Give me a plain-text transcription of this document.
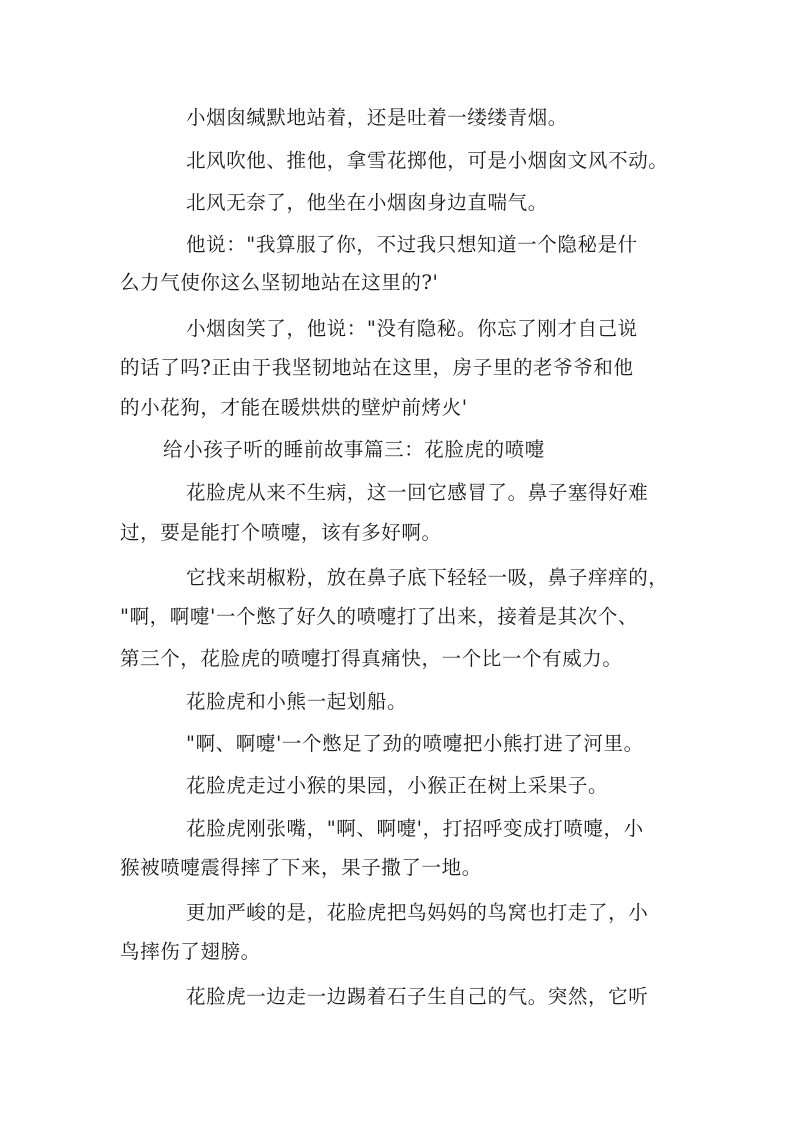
小烟囱缄默地站着，还是吐着一缕缕青烟。
北风吹他、推他，拿雪花掷他，可是小烟囱文风不动。
北风无奈了，他坐在小烟囱身边直喘气。
他说："我算服了你，不过我只想知道一个隐秘是什
么力气使你这么坚韧地站在这里的?'
小烟囱笑了，他说："没有隐秘。你忘了刚才自己说
的话了吗?正由于我坚韧地站在这里，房子里的老爷爷和他
的小花狗，才能在暖烘烘的壁炉前烤火'
给小孩子听的睡前故事篇三：花脸虎的喷嚏
花脸虎从来不生病，这一回它感冒了。鼻子塞得好难
过，要是能打个喷嚏，该有多好啊。
它找来胡椒粉，放在鼻子底下轻轻一吸，鼻子痒痒的，
"啊，啊嚏'一个憋了好久的喷嚏打了出来，接着是其次个、
第三个，花脸虎的喷嚏打得真痛快，一个比一个有威力。
花脸虎和小熊一起划船。
"啊、啊嚏'一个憋足了劲的喷嚏把小熊打进了河里。
花脸虎走过小猴的果园，小猴正在树上采果子。
花脸虎刚张嘴，"啊、啊嚏'，打招呼变成打喷嚏，小
猴被喷嚏震得摔了下来，果子撒了一地。
更加严峻的是，花脸虎把鸟妈妈的鸟窝也打走了，小
鸟摔伤了翅膀。
花脸虎一边走一边踢着石子生自己的气。突然，它听
